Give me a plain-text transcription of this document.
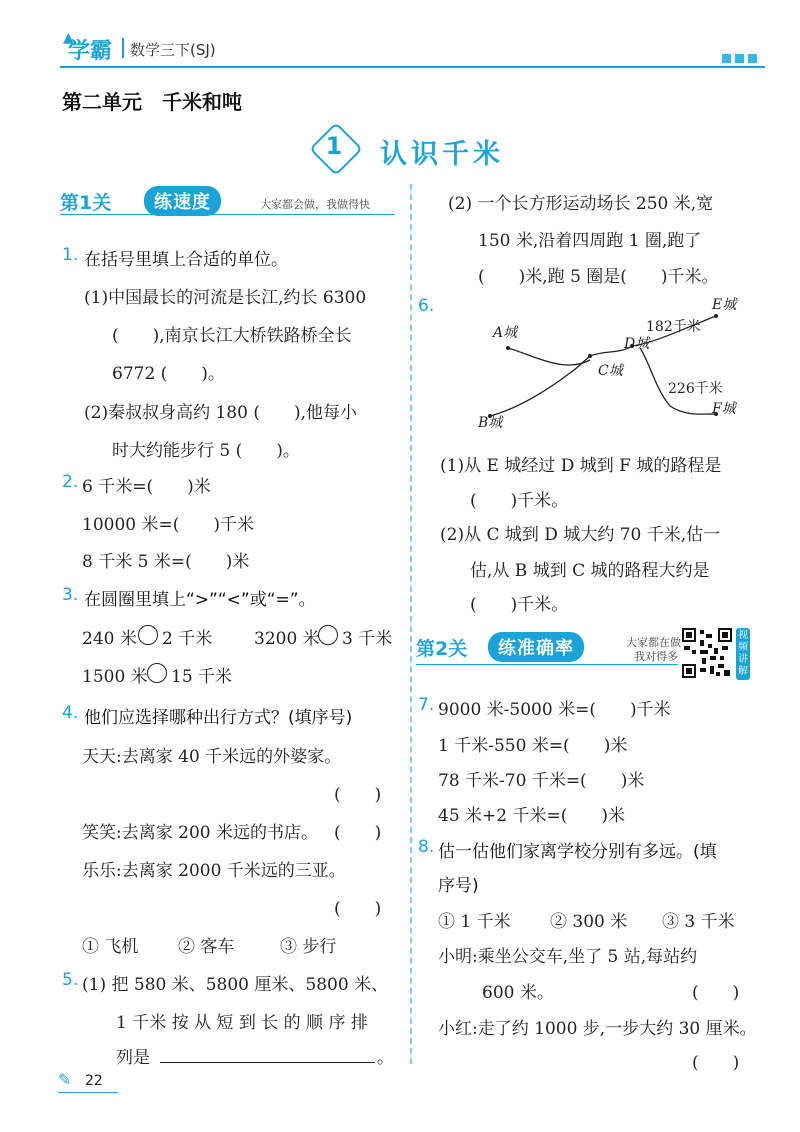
▲
学霸 数学三下(SJ)
第二单元　千米和吨
1	认识千米
第1关	练速度	大家都会做，我做得快
1. 在括号里填上合适的单位。
(1)中国最长的河流是长江,约长 6300
(　　),南京长江大桥铁路桥全长
6772 (　　)。
(2)秦叔叔身高约 180 (　　),他每小
时大约能步行 5 (　　)。
2. 6 千米=(　　)米
10000 米=(　　)千米
8 千米 5 米=(　　)米
3. 在圆圈里填上“>”“<”或“=”。
240 米 2 千米 3200 米 3 千米
1500 米 15 千米
4. 他们应选择哪种出行方式？(填序号)
天天:去离家 40 千米远的外婆家。
(　　)
笑笑:去离家 200 米远的书店。 (　　)
乐乐:去离家 2000 千米远的三亚。
(　　)
① 飞机 ② 客车	③ 步行
5. (1) 把 580 米、5800 厘米、5800 米、
1 千米 按 从 短 到 长 的 顺 序 排
列是	。
(2) 一个长方形运动场长 250 米,宽
150 米,沿着四周跑 1 圈,跑了
(　　)米,跑 5 圈是(　　)千米。
6.
A城
B城
C城
D城
E城
F城
182千米
226千米
(1)从 E 城经过 D 城到 F 城的路程是
(　　)千米。
(2)从 C 城到 D 城大约 70 千米,估一
估,从 B 城到 C 城的路程大约是
(　　)千米。
第2关	练准确率	大家都在做
我对得多
视频讲解
7. 9000 米-5000 米=(　　)千米
1 千米-550 米=(　　)米
78 千米-70 千米=(　　)米
45 米+2 千米=(　　)米
8. 估一估他们家离学校分别有多远。(填
序号)
① 1 千米 ② 300 米 ③ 3 千米
小明:乘坐公交车,坐了 5 站,每站约
600 米。	(　　)
小红:走了约 1000 步,一步大约 30 厘米。
(　　)
✎ 22
